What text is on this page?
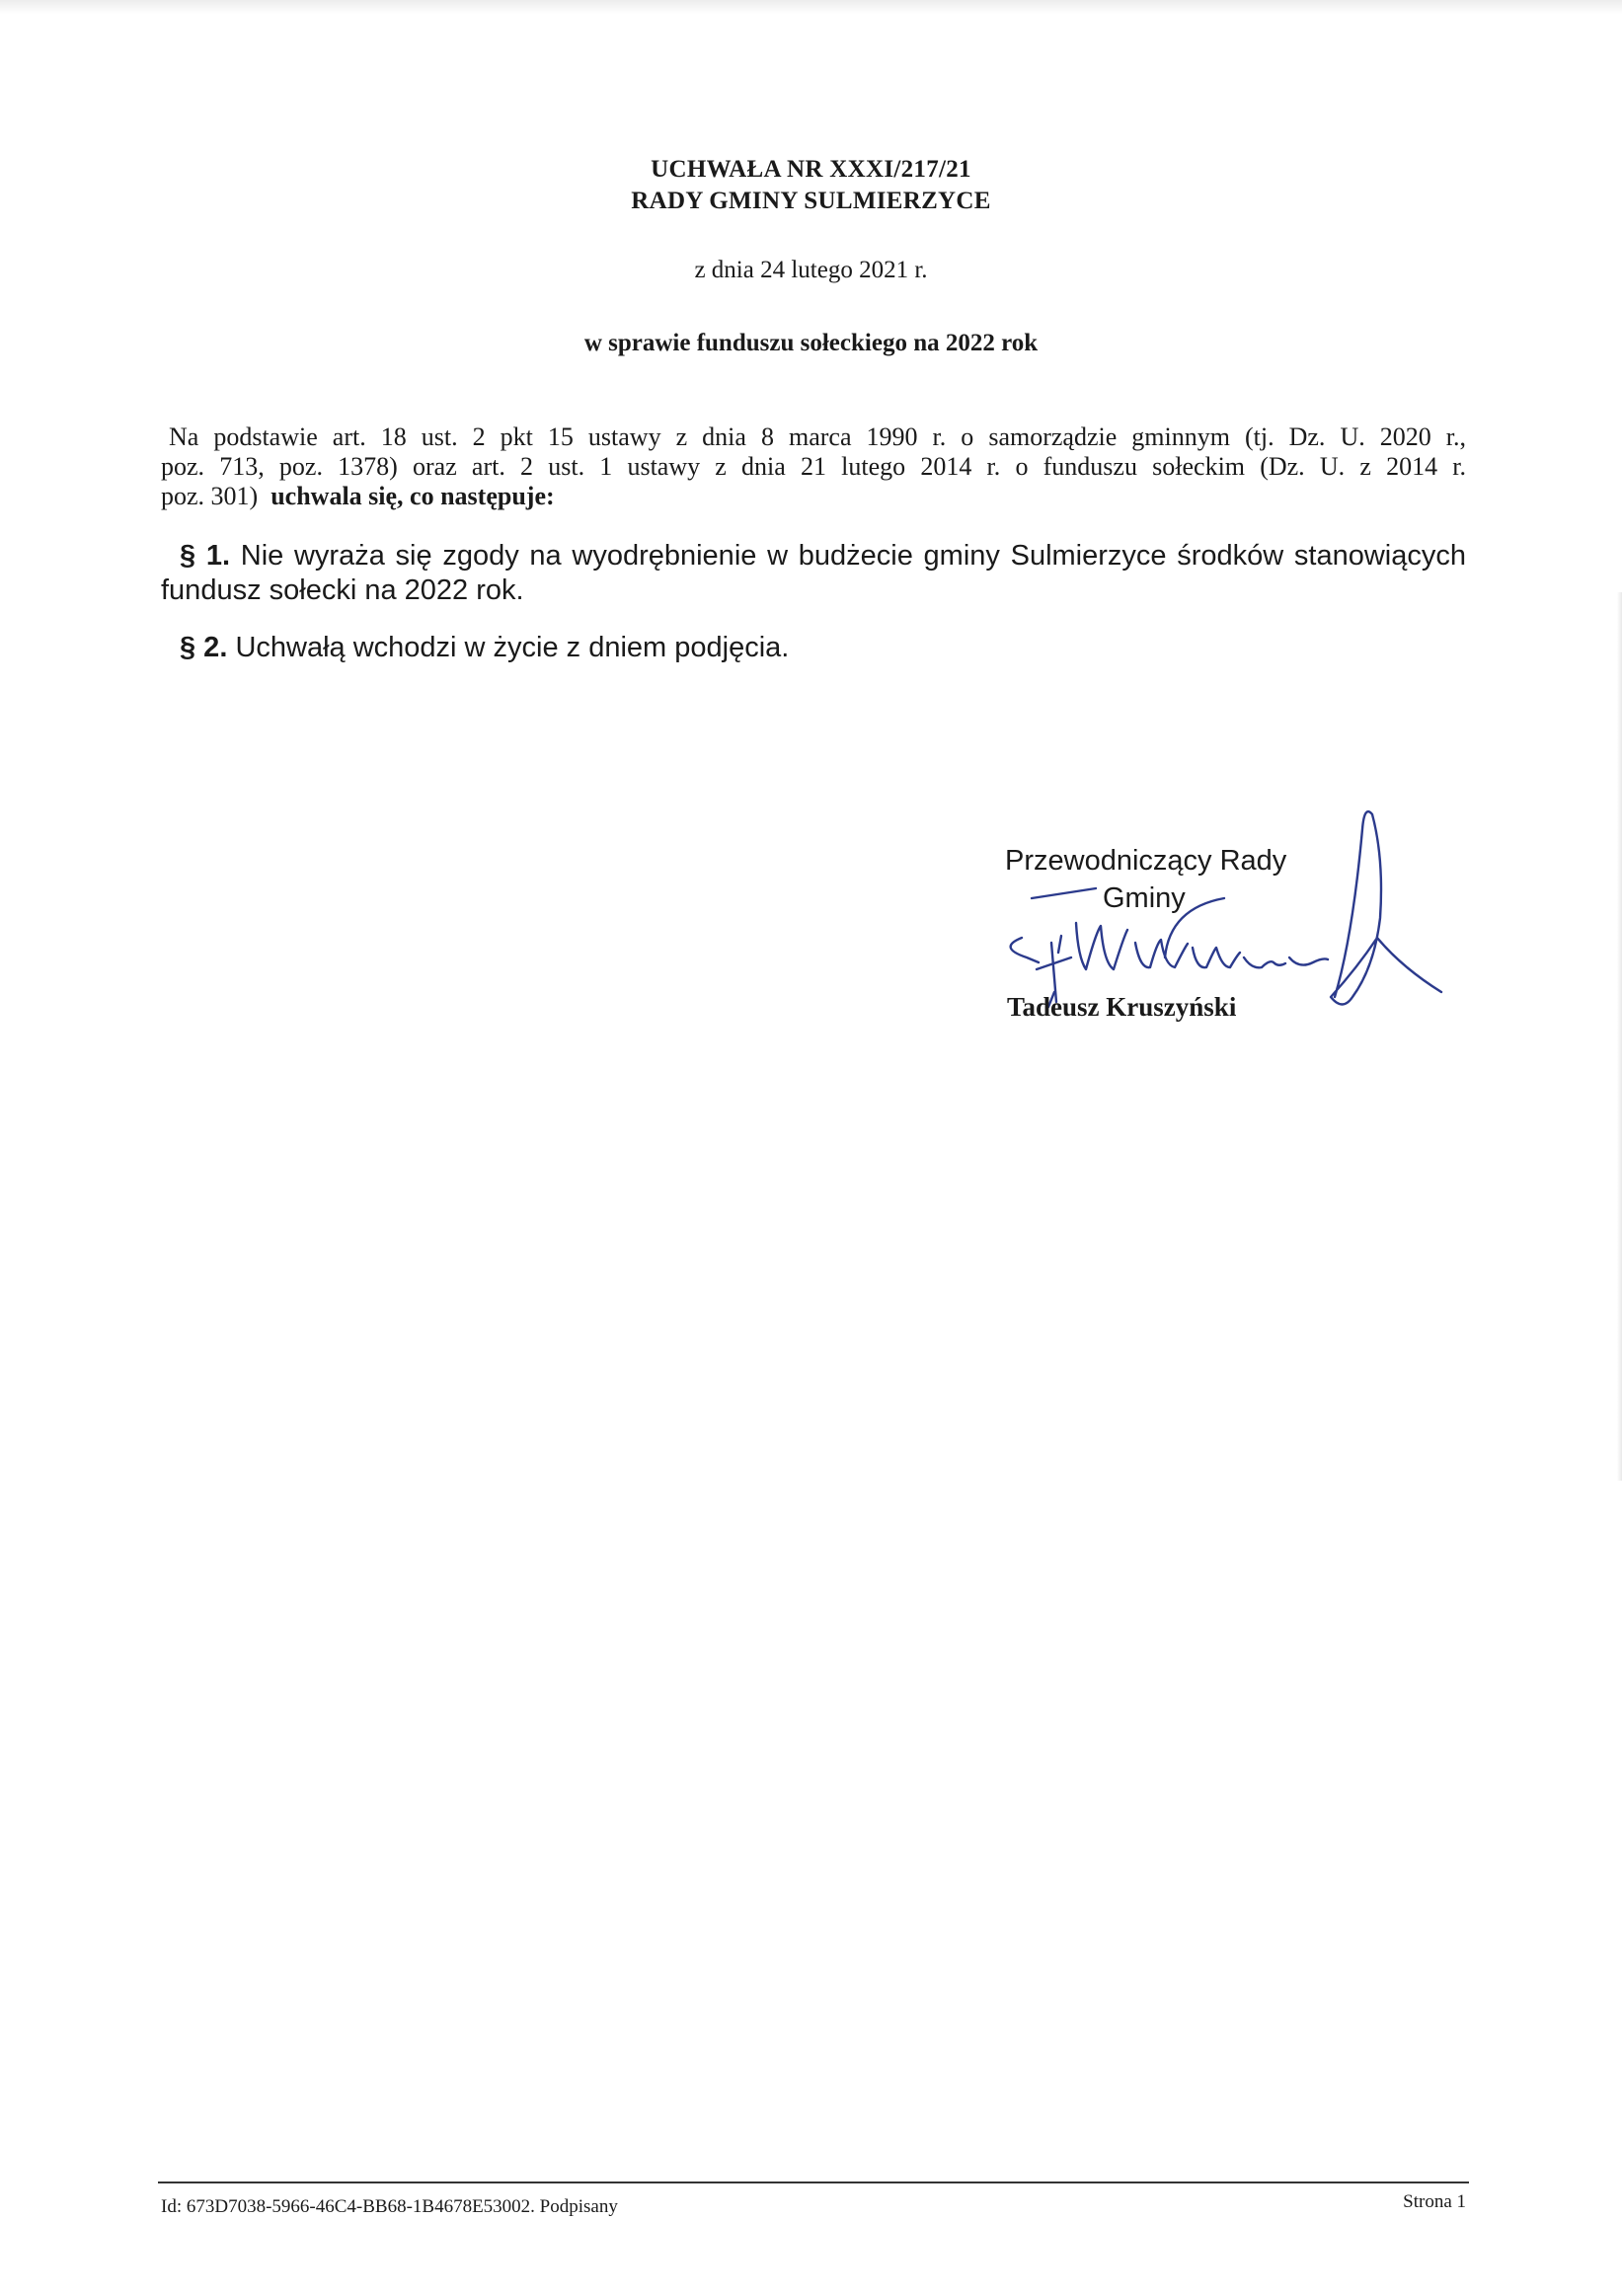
UCHWAŁA NR XXXI/217/21
RADY GMINY SULMIERZYCE
z dnia 24 lutego 2021 r.
w sprawie funduszu sołeckiego na 2022 rok
Na podstawie art. 18 ust. 2 pkt 15 ustawy z dnia 8 marca 1990 r. o samorządzie gminnym (tj. Dz. U. 2020 r.,
poz. 713, poz. 1378) oraz art. 2 ust. 1 ustawy z dnia 21 lutego 2014 r. o funduszu sołeckim (Dz. U. z 2014 r.
poz. 301) uchwala się, co następuje:
§ 1. Nie wyraża się zgody na wyodrębnienie w budżecie gminy Sulmierzyce środków stanowiących
fundusz sołecki na 2022 rok.
§ 2. Uchwałą wchodzi w życie z dniem podjęcia.
Przewodniczący Rady
Gminy
Tadeusz Kruszyński
Id: 673D7038-5966-46C4-BB68-1B4678E53002. Podpisany	Strona 1
